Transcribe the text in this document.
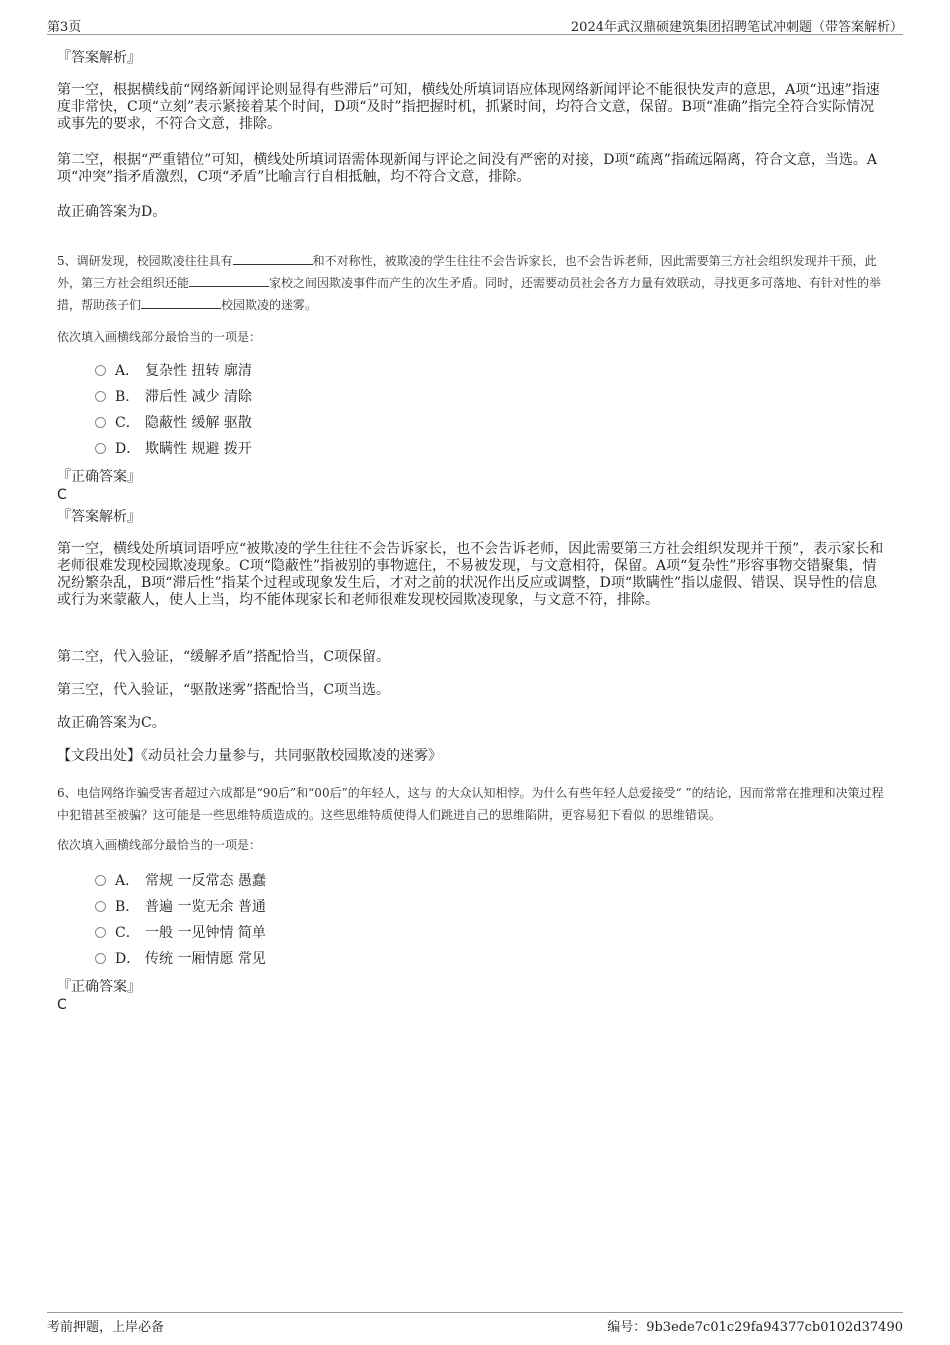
第3页	2024年武汉鼎硕建筑集团招聘笔试冲刺题（带答案解析）
『答案解析』
第一空，根据横线前“网络新闻评论则显得有些滞后”可知，横线处所填词语应体现网络新闻评论不能很快发声的意思，A项“迅速”指速度非常快，C项“立刻”表示紧接着某个时间，D项“及时”指把握时机，抓紧时间，均符合文意，保留。B项“准确”指完全符合实际情况或事先的要求，不符合文意，排除。
第二空，根据“严重错位”可知，横线处所填词语需体现新闻与评论之间没有严密的对接，D项“疏离”指疏远隔离，符合文意，当选。A项“冲突”指矛盾激烈，C项“矛盾”比喻言行自相抵触，均不符合文意，排除。
故正确答案为D。
5、调研发现，校园欺凌往往具有	和不对称性，被欺凌的学生往往不会告诉家长，也不会告诉老师，因此需要第三方社会组织发现并干预，此外，第三方社会组织还能	家校之间因欺凌事件而产生的次生矛盾。同时，还需要动员社会各方力量有效联动，寻找更多可落地、有针对性的举措，帮助孩子们	校园欺凌的迷雾。
依次填入画横线部分最恰当的一项是：
A． 复杂性 扭转 廓清
B. 滞后性 减少 清除
C． 隐蔽性 缓解 驱散
D． 欺瞒性 规避 拨开
『正确答案』
C
『答案解析』
第一空，横线处所填词语呼应“被欺凌的学生往往不会告诉家长，也不会告诉老师，因此需要第三方社会组织发现并干预”，表示家长和老师很难发现校园欺凌现象。C项“隐蔽性”指被别的事物遮住，不易被发现，与文意相符，保留。A项“复杂性”形容事物交错聚集，情况纷繁杂乱，B项“滞后性”指某个过程或现象发生后，才对之前的状况作出反应或调整，D项“欺瞒性”指以虚假、错误、误导性的信息或行为来蒙蔽人，使人上当，均不能体现家长和老师很难发现校园欺凌现象，与文意不符，排除。
第二空，代入验证，“缓解矛盾”搭配恰当，C项保留。
第三空，代入验证，“驱散迷雾”搭配恰当，C项当选。
故正确答案为C。
【文段出处】《动员社会力量参与，共同驱散校园欺凌的迷雾》
6、电信网络诈骗受害者超过六成都是“90后”和“00后”的年轻人，这与 的大众认知相悖。为什么有些年轻人总爱接受“ ”的结论，因而常常在推理和决策过程中犯错甚至被骗？这可能是一些思维特质造成的。这些思维特质使得人们跳进自己的思维陷阱，更容易犯下看似 的思维错误。
依次填入画横线部分最恰当的一项是：
A． 常规 一反常态 愚蠢
B. 普遍 一览无余 普通
C． 一般 一见钟情 简单
D． 传统 一厢情愿 常见
『正确答案』
C
考前押题，上岸必备	编号：9b3ede7c01c29fa94377cb0102d37490
